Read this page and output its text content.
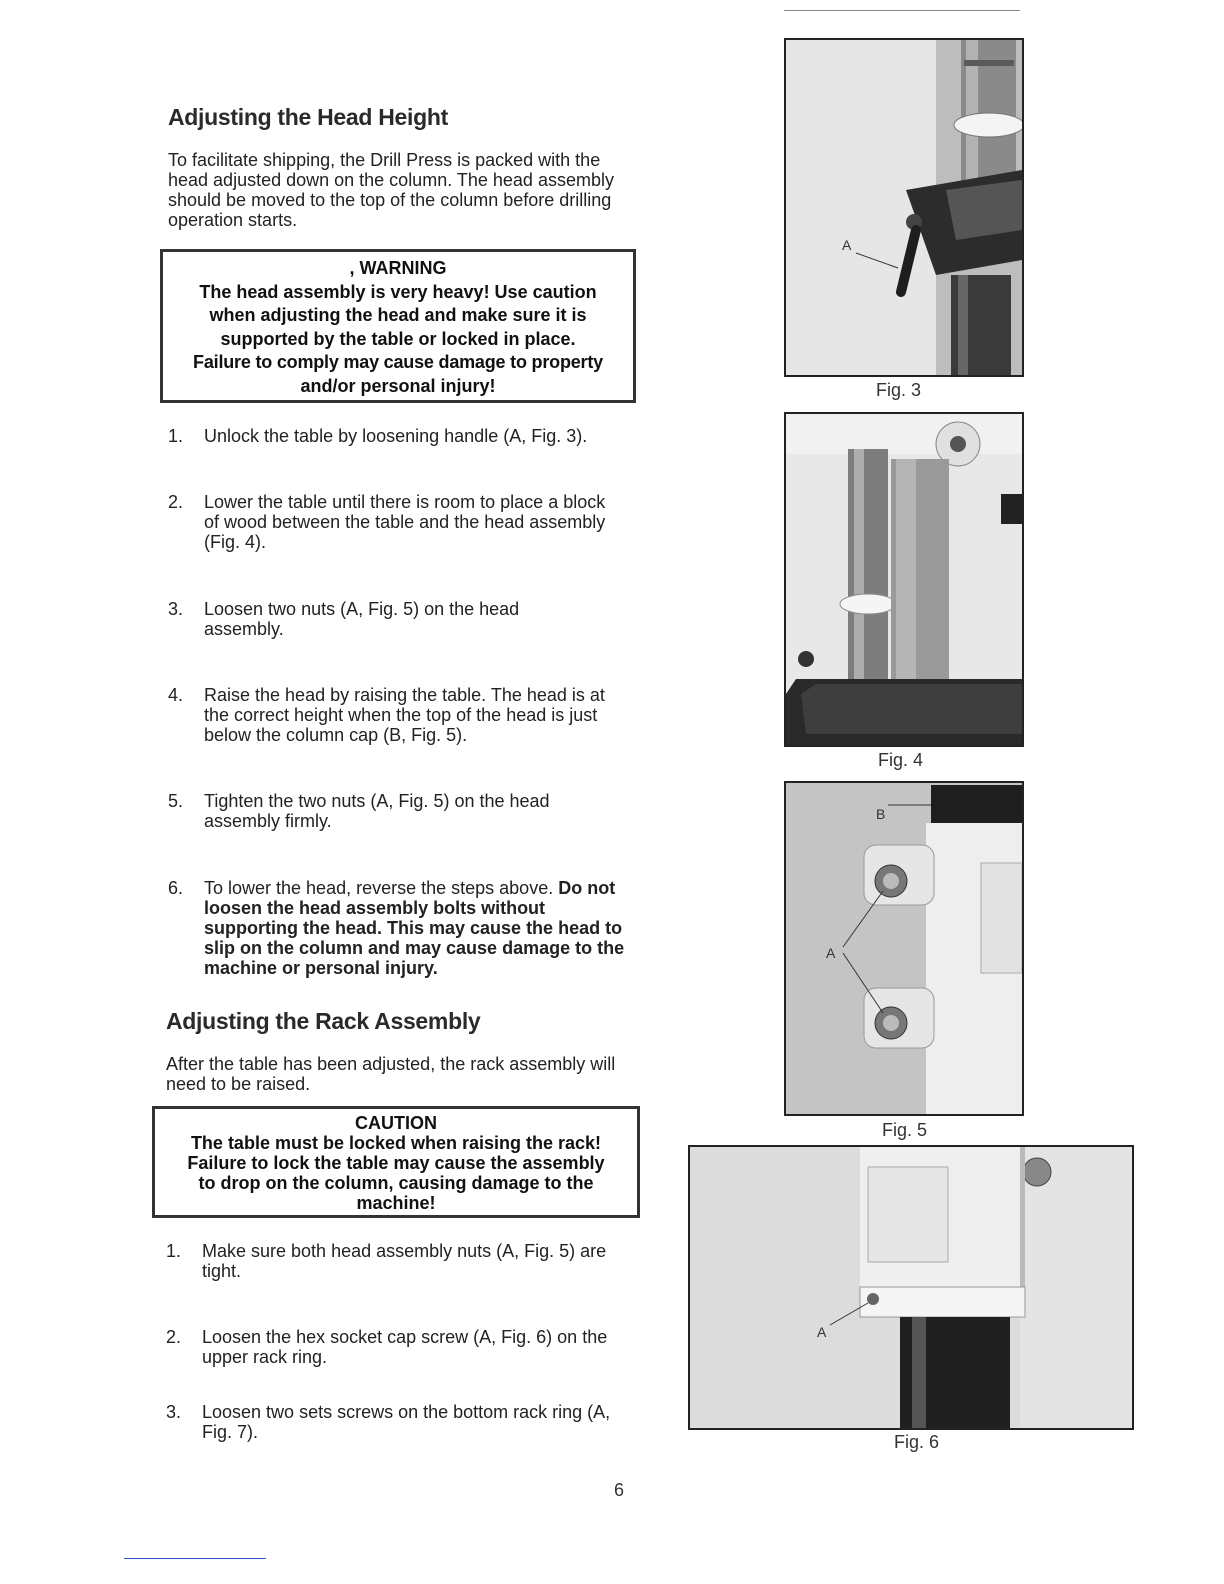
Adjusting the Head Height
To facilitate shipping, the Drill Press is packed with the head adjusted down on the column. The head assembly should be moved to the top of the column before drilling operation starts.
, WARNING
The head assembly is very heavy! Use caution
when adjusting the head and make sure it is
supported by the table or locked in place.
Failure to comply may cause damage to property
and/or personal injury!
1. Unlock the table by loosening handle (A, Fig. 3).
2. Lower the table until there is room to place a block of wood between the table and the head assembly (Fig. 4).
3. Loosen two nuts (A, Fig. 5) on the head assembly.
4. Raise the head by raising the table. The head is at the correct height when the top of the head is just below the column cap (B, Fig. 5).
5. Tighten the two nuts (A, Fig. 5) on the head assembly firmly.
6. To lower the head, reverse the steps above. Do not loosen the head assembly bolts without supporting the head. This may cause the head to slip on the column and may cause damage to the machine or personal injury.
Adjusting the Rack Assembly
After the table has been adjusted, the rack assembly will need to be raised.
CAUTION
The table must be locked when raising the rack!
Failure to lock the table may cause the assembly
to drop on the column, causing damage to the
machine!
1. Make sure both head assembly nuts (A, Fig. 5) are tight.
2. Loosen the hex socket cap screw (A, Fig. 6) on the upper rack ring.
3. Loosen two sets screws on the bottom rack ring (A, Fig. 7).
A
Fig. 3
Fig. 4
B
A
Fig. 5
A
Fig. 6
6
